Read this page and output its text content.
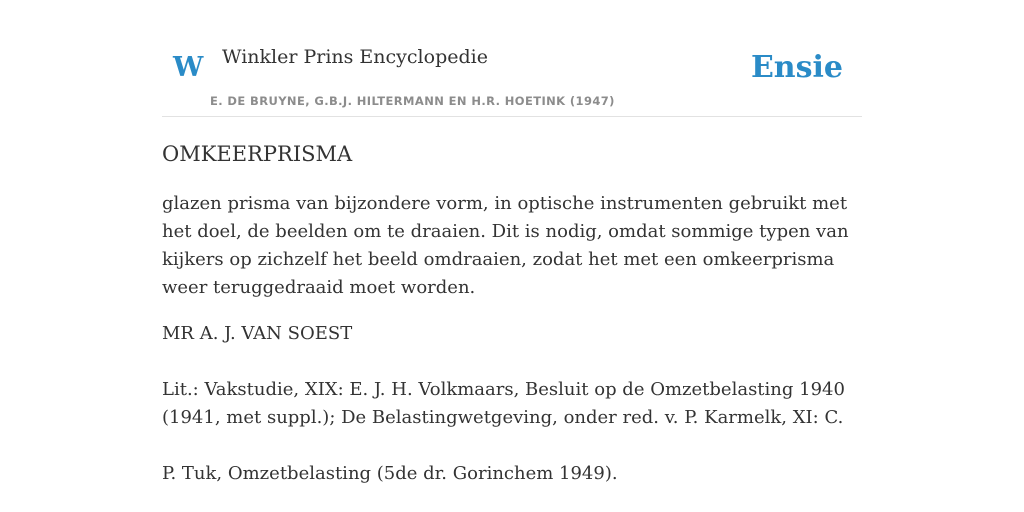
W Winkler Prins Encyclopedie
E. DE BRUYNE, G.B.J. HILTERMANN EN H.R. HOETINK (1947)
Ensie
OMKEERPRISMA

glazen prisma van bijzondere vorm, in optische instrumenten gebruikt met het doel, de beelden om te draaien. Dit is nodig, omdat sommige typen van kijkers op zichzelf het beeld omdraaien, zodat het met een omkeerprisma weer teruggedraaid moet worden.

MR A. J. VAN SOEST

Lit.: Vakstudie, XIX: E. J. H. Volkmaars, Besluit op de Omzetbelasting 1940 (1941, met suppl.); De Belastingwetgeving, onder red. v. P. Karmelk, XI: C.

P. Tuk, Omzetbelasting (5de dr. Gorinchem 1949).
